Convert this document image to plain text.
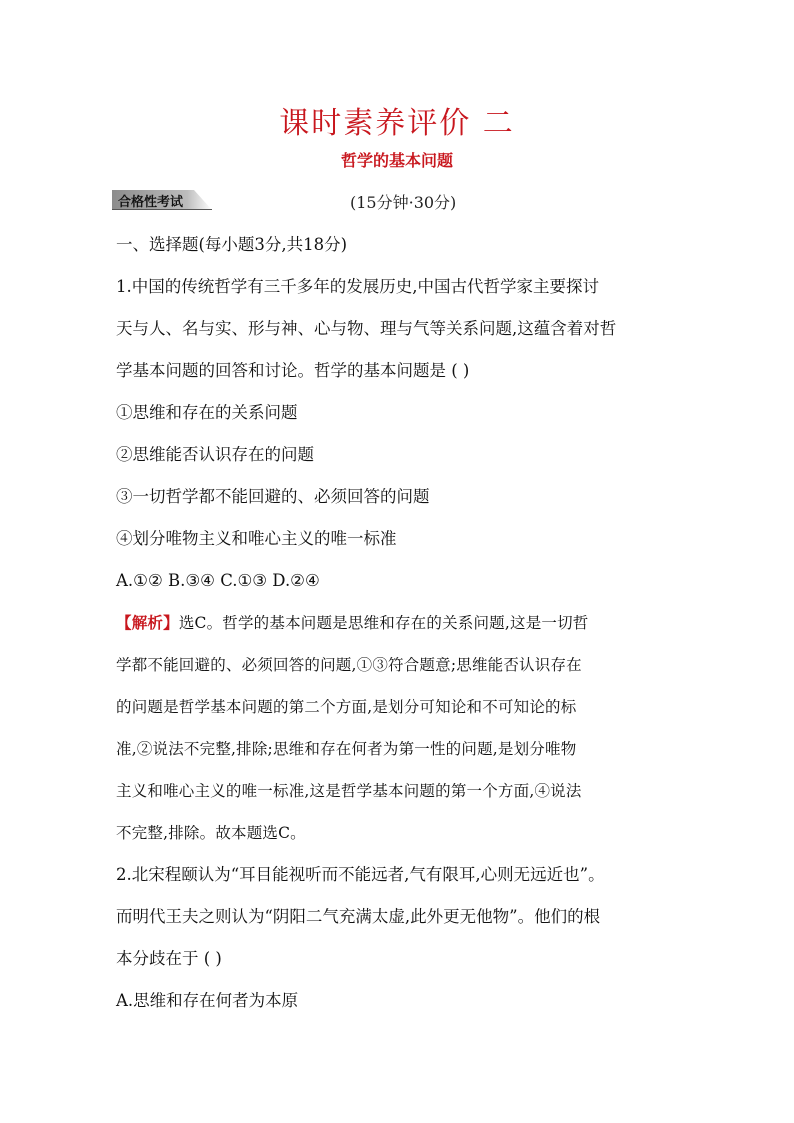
课时素养评价 二
哲学的基本问题
合格性考试	(15分钟·30分)
一、选择题(每小题3分,共18分)
1.中国的传统哲学有三千多年的发展历史,中国古代哲学家主要探讨
天与人、名与实、形与神、心与物、理与气等关系问题,这蕴含着对哲
学基本问题的回答和讨论。哲学的基本问题是 ( )
①思维和存在的关系问题
②思维能否认识存在的问题
③一切哲学都不能回避的、必须回答的问题
④划分唯物主义和唯心主义的唯一标准
A.①② B.③④ C.①③ D.②④
【解析】选C。哲学的基本问题是思维和存在的关系问题,这是一切哲
学都不能回避的、必须回答的问题,①③符合题意;思维能否认识存在
的问题是哲学基本问题的第二个方面,是划分可知论和不可知论的标
准,②说法不完整,排除;思维和存在何者为第一性的问题,是划分唯物
主义和唯心主义的唯一标准,这是哲学基本问题的第一个方面,④说法
不完整,排除。故本题选C。
2.北宋程颐认为“耳目能视听而不能远者,气有限耳,心则无远近也”。
而明代王夫之则认为“阴阳二气充满太虚,此外更无他物”。他们的根
本分歧在于 ( )
A.思维和存在何者为本原
